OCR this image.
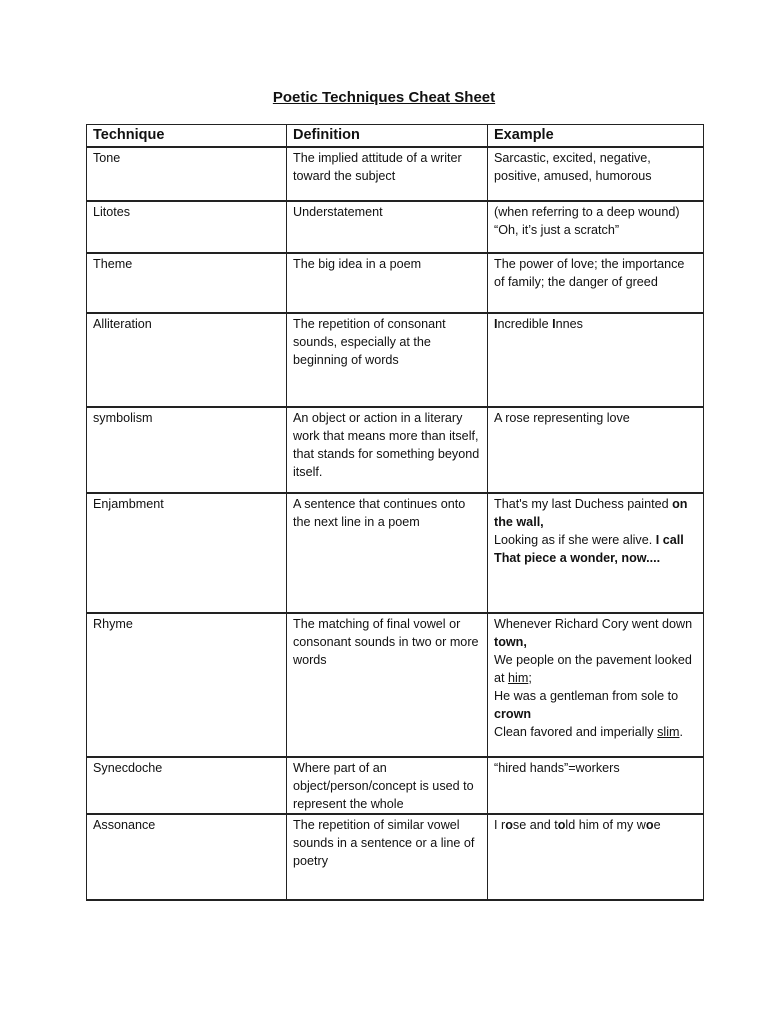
Poetic Techniques Cheat Sheet
Technique	Definition	Example
Tone	The implied attitude of a writer toward the subject	Sarcastic, excited, negative, positive, amused, humorous
Litotes	Understatement	(when referring to a deep wound) “Oh, it’s just a scratch”
Theme	The big idea in a poem	The power of love; the importance of family; the danger of greed
Alliteration	The repetition of consonant sounds, especially at the beginning of words	Incredible Innes
symbolism	An object or action in a literary work that means more than itself, that stands for something beyond itself.	A rose representing love
Enjambment	A sentence that continues onto the next line in a poem	That's my last Duchess painted on the wall,
Looking as if she were alive. I call
That piece a wonder, now....
Rhyme	The matching of final vowel or consonant sounds in two or more words	Whenever Richard Cory went down town,
We people on the pavement looked at him;
He was a gentleman from sole to crown
Clean favored and imperially slim.
Synecdoche	Where part of an object/person/concept is used to represent the whole	“hired hands”=workers
Assonance	The repetition of similar vowel sounds in a sentence or a line of poetry	I rose and told him of my woe
